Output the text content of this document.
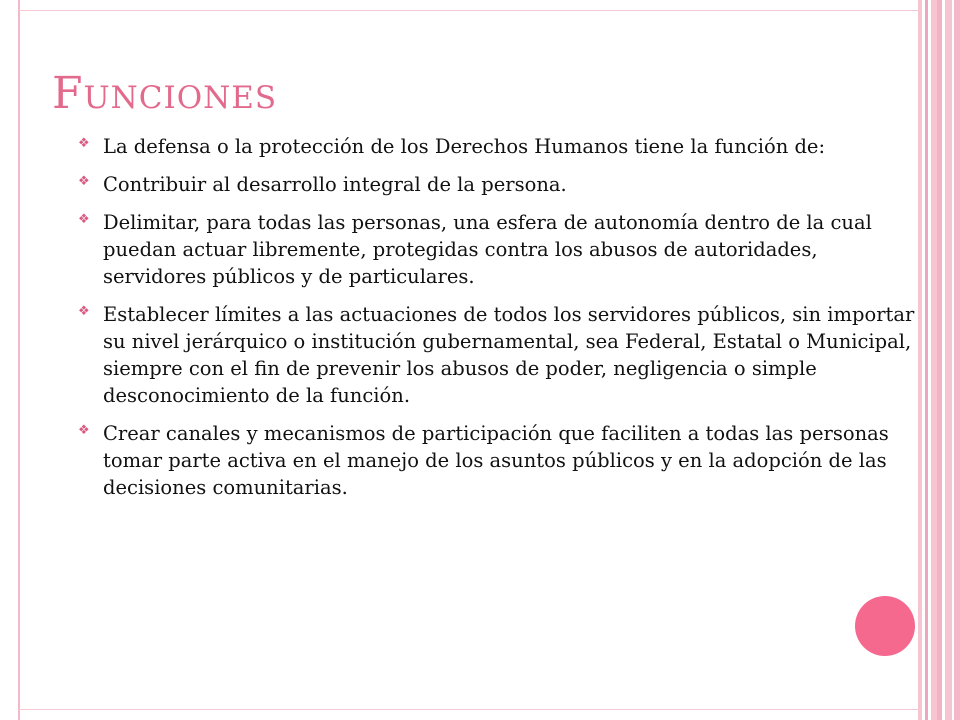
Funciones
❖ La defensa o la protección de los Derechos Humanos tiene la función de:
❖ Contribuir al desarrollo integral de la persona.
❖ Delimitar, para todas las personas, una esfera de autonomía dentro de la cual puedan actuar libremente, protegidas contra los abusos de autoridades, servidores públicos y de particulares.
❖ Establecer límites a las actuaciones de todos los servidores públicos, sin importar su nivel jerárquico o institución gubernamental, sea Federal, Estatal o Municipal, siempre con el fin de prevenir los abusos de poder, negligencia o simple desconocimiento de la función.
❖ Crear canales y mecanismos de participación que faciliten a todas las personas tomar parte activa en el manejo de los asuntos públicos y en la adopción de las decisiones comunitarias.
